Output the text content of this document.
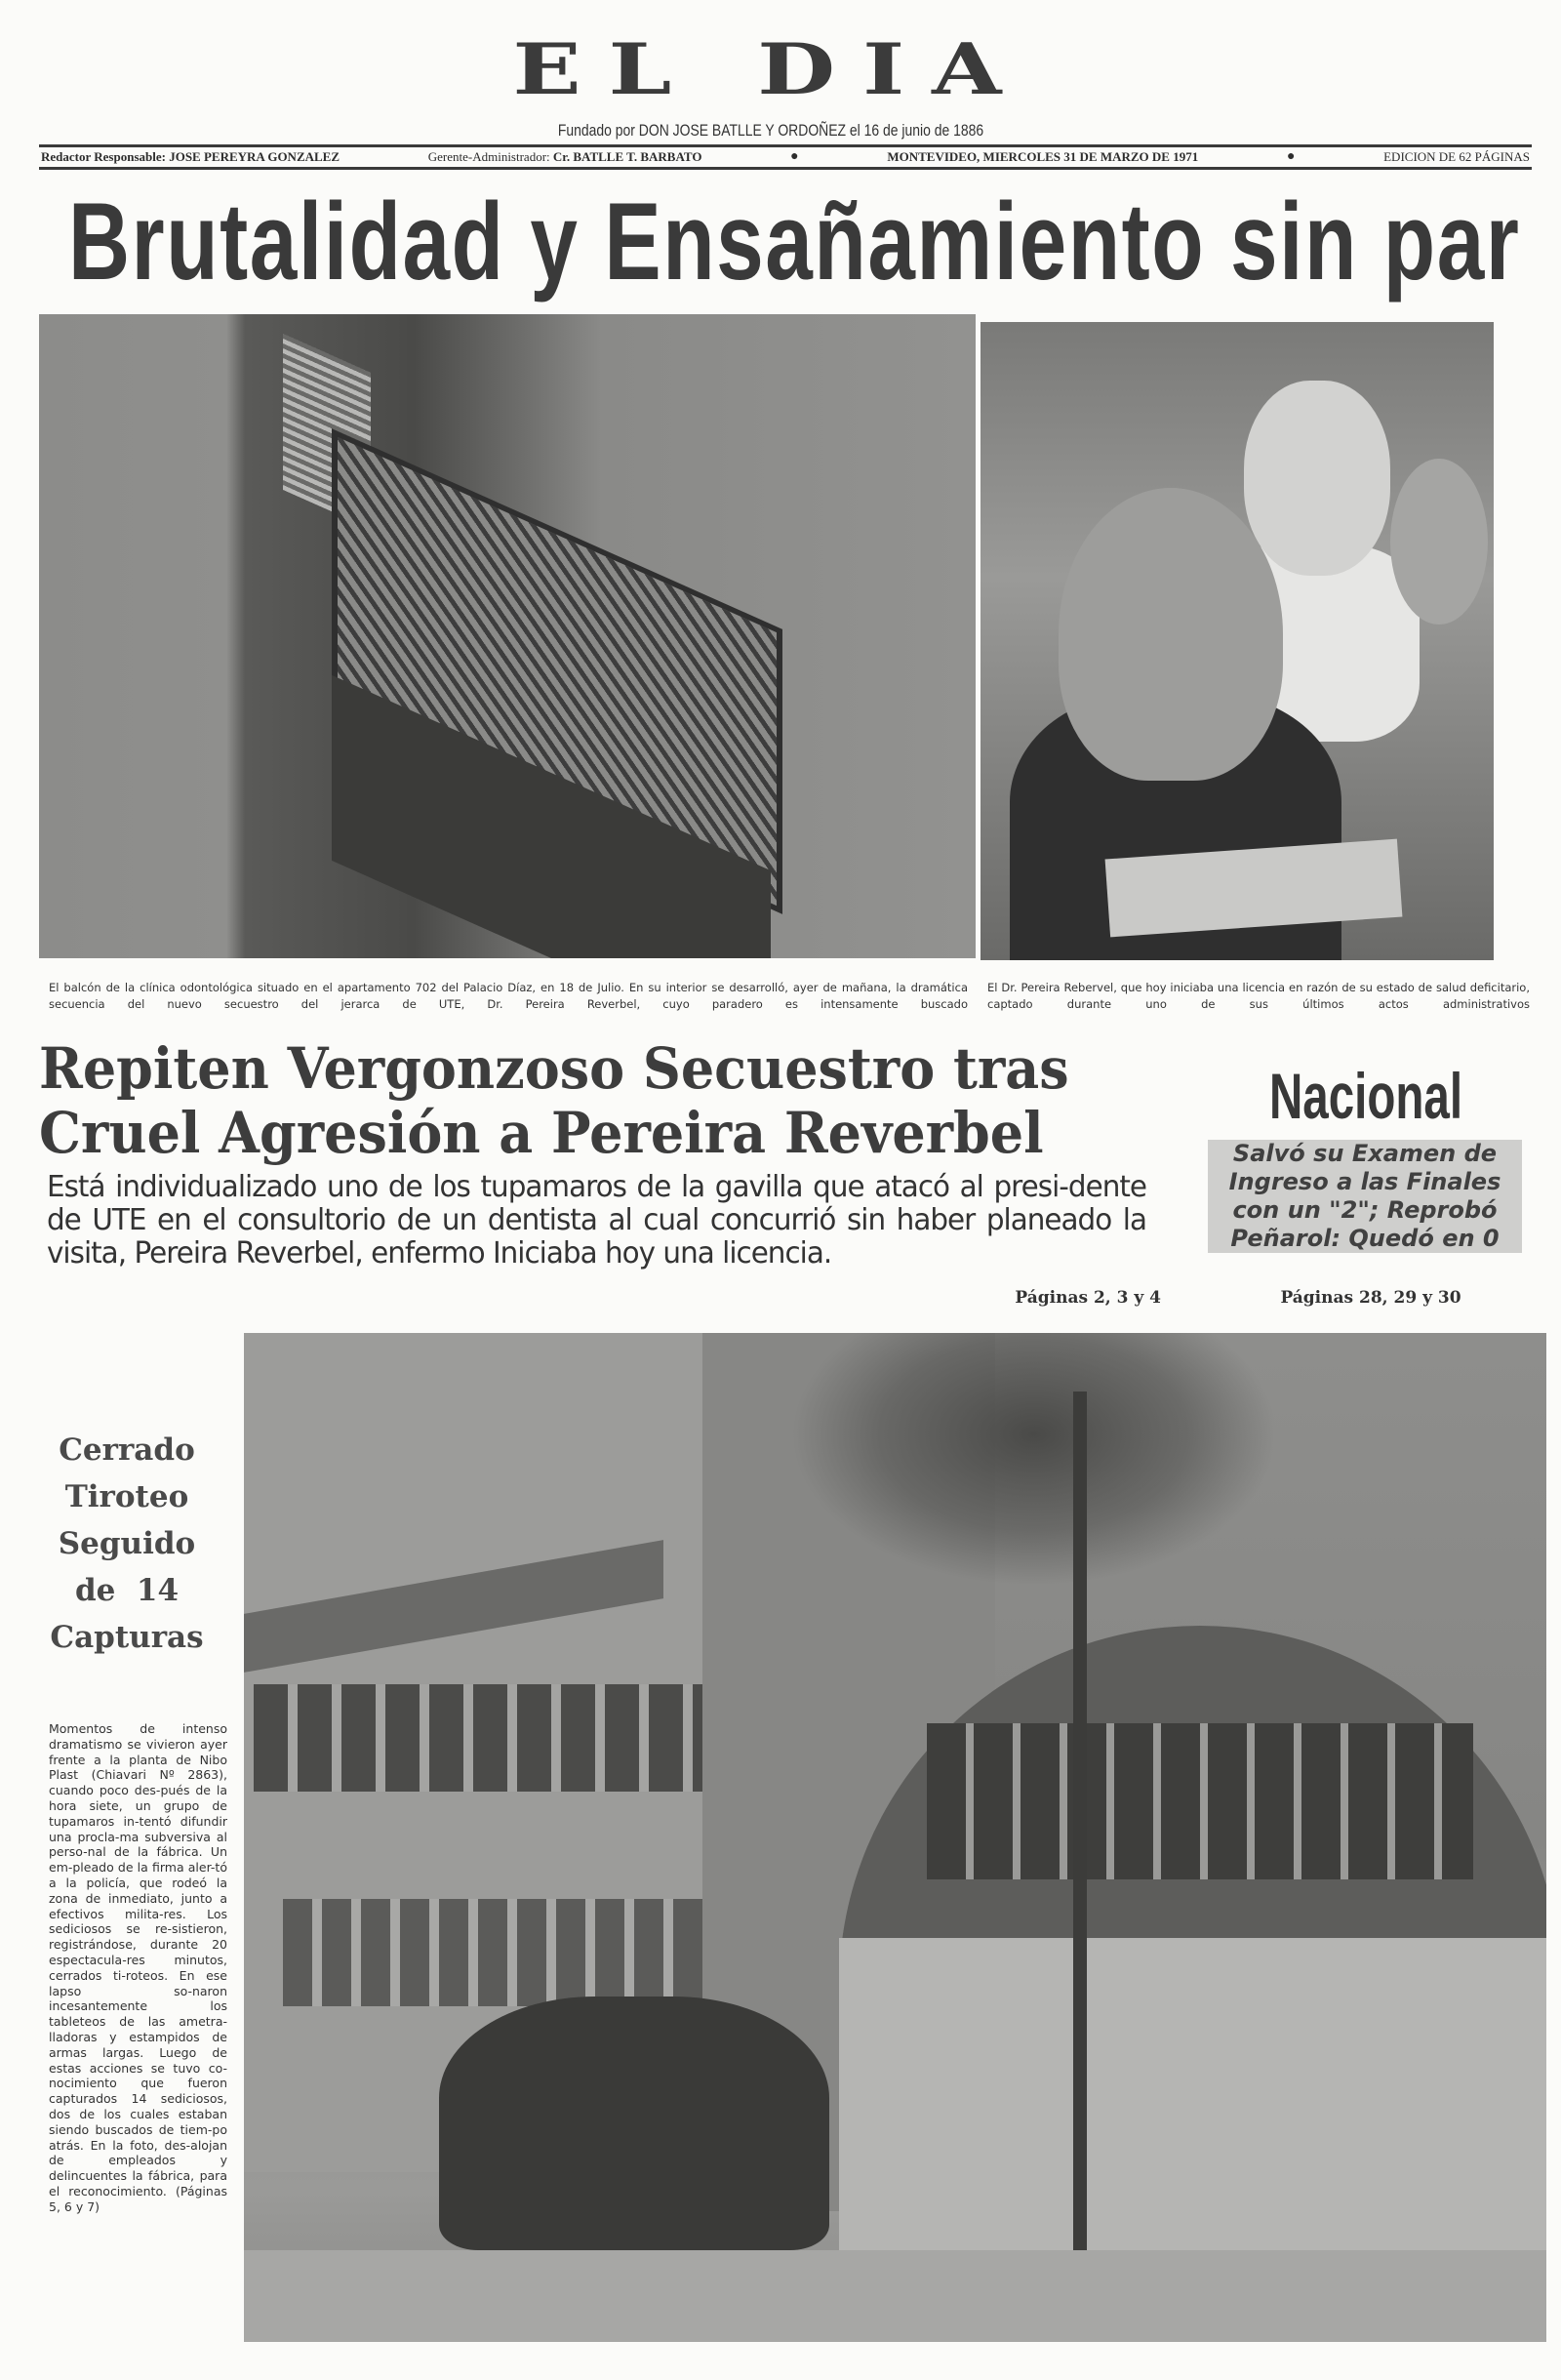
EL DIA
Fundado por DON JOSE BATLLE Y ORDOÑEZ el 16 de junio de 1886
Redactor Responsable: JOSE PEREYRA GONZALEZ	Gerente-Administrador: Cr. BATLLE T. BARBATO	●	MONTEVIDEO, MIERCOLES 31 DE MARZO DE 1971	●	EDICION DE 62 PÁGINAS
Brutalidad y Ensañamiento sin par
El balcón de la clínica odontológica situado en el apartamento 702 del Palacio Díaz, en 18 de Julio. En su interior se desarrolló, ayer de mañana, la dramática secuencia del nuevo secuestro del jerarca de UTE, Dr. Pereira Reverbel, cuyo paradero es intensamente buscado
El Dr. Pereira Rebervel, que hoy iniciaba una licencia en razón de su estado de salud deficitario, captado durante uno de sus últimos actos administrativos
Repiten Vergonzoso Secuestro tras
Cruel Agresión a Pereira Reverbel
Está individualizado uno de los tupamaros de la gavilla que atacó al presi-dente de UTE en el consultorio de un dentista al cual concurrió sin haber planeado la visita, Pereira Reverbel, enfermo Iniciaba hoy una licencia.
Páginas 2, 3 y 4
Nacional
Salvó su Examen de Ingreso a las Finales con un "2"; Reprobó Peñarol: Quedó en 0
Páginas 28, 29 y 30
Cerrado
Tiroteo
Seguido
de  14
Capturas
Momentos de intenso dramatismo se vivieron ayer frente a la planta de Nibo Plast (Chiavari Nº 2863), cuando poco des-pués de la hora siete, un grupo de tupamaros in-tentó difundir una procla-ma subversiva al perso-nal de la fábrica. Un em-pleado de la firma aler-tó a la policía, que rodeó la zona de inmediato, junto a efectivos milita-res. Los sediciosos se re-sistieron, registrándose, durante 20 espectacula-res minutos, cerrados ti-roteos. En ese lapso so-naron incesantemente los tableteos de las ametra-lladoras y estampidos de armas largas. Luego de estas acciones se tuvo co-nocimiento que fueron capturados 14 sediciosos, dos de los cuales estaban siendo buscados de tiem-po atrás. En la foto, des-alojan de empleados y delincuentes la fábrica, para el reconocimiento. (Páginas 5, 6 y 7)
